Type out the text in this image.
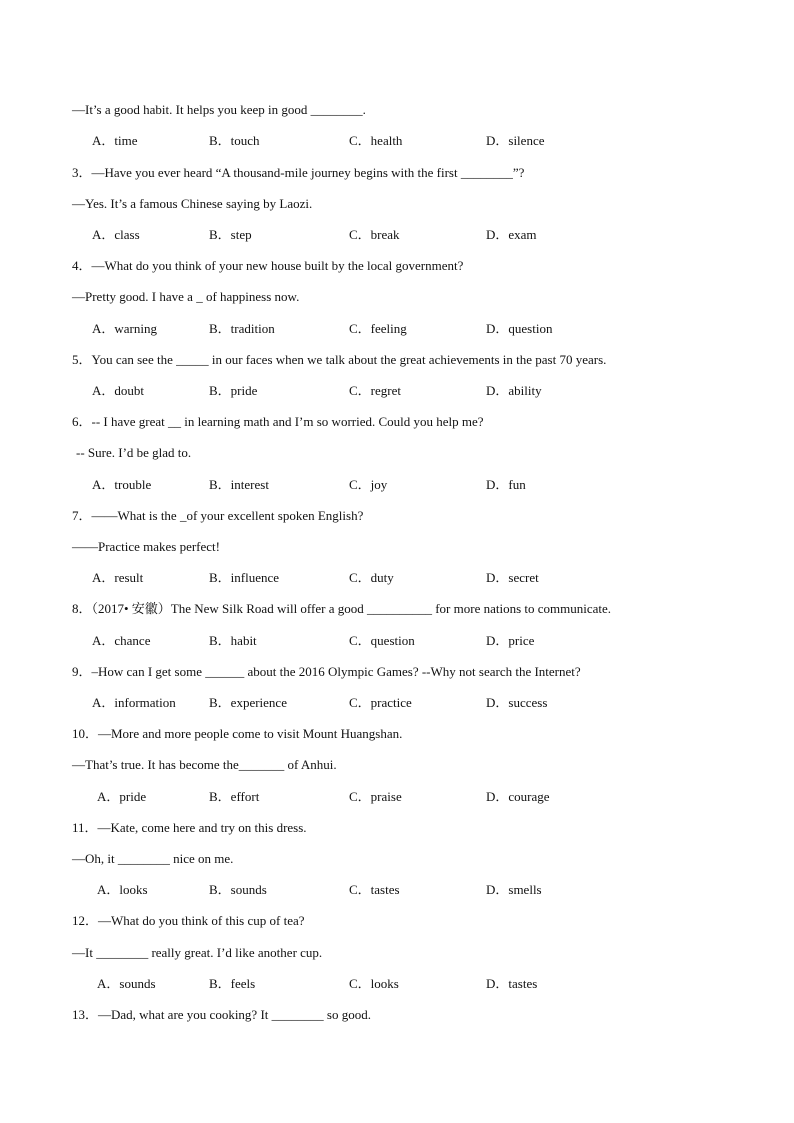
—It’s a good habit. It helps you keep in good ________.
A．time	B．touch	C．health	D．silence
3．—Have you ever heard “A thousand-mile journey begins with the first ________”?
—Yes. It’s a famous Chinese saying by Laozi.
A．class	B．step	C．break	D．exam
4．—What do you think of your new house built by the local government?
—Pretty good. I have a _ of happiness now.
A．warning	B．tradition	C．feeling	D．question
5．You can see the _____ in our faces when we talk about the great achievements in the past 70 years.
A．doubt	B．pride	C．regret	D．ability
6．-- I have great __ in learning math and I’m so worried. Could you help me?
-- Sure. I’d be glad to.
A．trouble	B．interest	C．joy	D．fun
7．——What is the _of your excellent spoken English?
——Practice makes perfect!
A．result	B．influence	C．duty	D．secret
8．（2017• 安徽）The New Silk Road will offer a good __________ for more nations to communicate.
A．chance	B．habit	C．question	D．price
9．–How can I get some ______ about the 2016 Olympic Games? --Why not search the Internet?
A．information	B．experience	C．practice	D．success
10．—More and more people come to visit Mount Huangshan.
—That’s true. It has become the_______ of Anhui.
A．pride	B．effort	C．praise	D．courage
11．—Kate, come here and try on this dress.
—Oh, it ________ nice on me.
A．looks	B．sounds	C．tastes	D．smells
12．—What do you think of this cup of tea?
—It ________ really great. I’d like another cup.
A．sounds	B．feels	C．looks	D．tastes
13．—Dad, what are you cooking? It ________ so good.
